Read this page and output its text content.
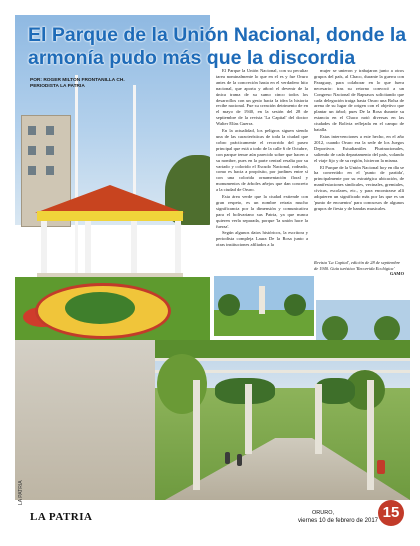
El Parque de la Unión Nacional, donde la armonía pudo más que la discordia
POR: ROGER MILTON FRONTANILLA CH. PERIODISTA LA PATRIA

El Parque la Unión Nacional, con su peculiar tarea nominalmente lo que en el es y fue Oruro antes de la concreción hasta en el verdadero hito nacional, que aporta y añoró el devenir de la única trama de su sumo cinco todos los desarrollos con un gesto hacia la idea la historia recibe nacional. Fue su creación detrimento de en el mayo de 1940, en la sesión del 28 de septiembre de la revista 'La Capital' del doctor Walter Elías Guerra.

En la actualidad, los peligros siguen siendo una de las características de toda la ciudad que cobro prácticamente el recorrido del paseo principal que está a todo de la calle 6 de Octubre, con parque tenue aún parecido sobre que hacen a su nombre, pues en la parte central resalta por su variado y colorido el Escudo Nacional, rodeado, como es hacia a propósito, por jardines entre sí con una colorida ornamentación floral y monumentos de árboles añejos que dan concreto a la ciudad de Oruro.

Esta área verde que la ciudad extiende con gran respeto, es un nombre retrata mucho significancia por la dimensión y comunicativa para el bolivariano sus Patria, ya que nunca quieren verla separada, porque 'la unión hace la fuerza'.

Según algunos datos históricos, la escritora y periodista compleja Laura De la Rosa junto a otras instituciones afiliados a la

mujer se unieron y trabajaron junto a otros grupos del país, al Chaco, durante la guerra con Paraguay, para colaborar en lo que fuera necesario: tras su retorno convocó a un Congreso Nacional de Rapsasos solicitando que cada delegación traiga hasta Oruro una Bolsa de arena de su lugar de origen con el objetivo que plantar un árbol; pues De la Rosa durante su estancia en el Chaco notó diversas en las ciudades de Bolivia reflejada en el campo de batalla.

Estas intervenciones a este hecho, en el año 2012, cuando Oruro era la sede de los Juegos Deportivos Estudiantiles Plurinacionales, saliendo de cada departamento del país, volando el viaje fijo y de su región, hicieron la misma.

El Parque de la Unión Nacional hoy en día se ha convertido en el 'punto de partida', principalmente por su estratégica ubicación, de manifestaciones sindicales, vecinales, gremiales, cívicas, escolares, etc., y para encontrarse allí adquieren un significado más por las que es un 'punto de encuentro' para concursos de algunos grupos de fiesta y de bandas musicales.

Revista 'La Capital', edición de 28 de septiembre de 1940. Guía turística 'Recorrida Ecológica'
GAMO
LA PATRIA
LA PATRIA	ORURO,
viernes 10 de febrero de 2017 15
